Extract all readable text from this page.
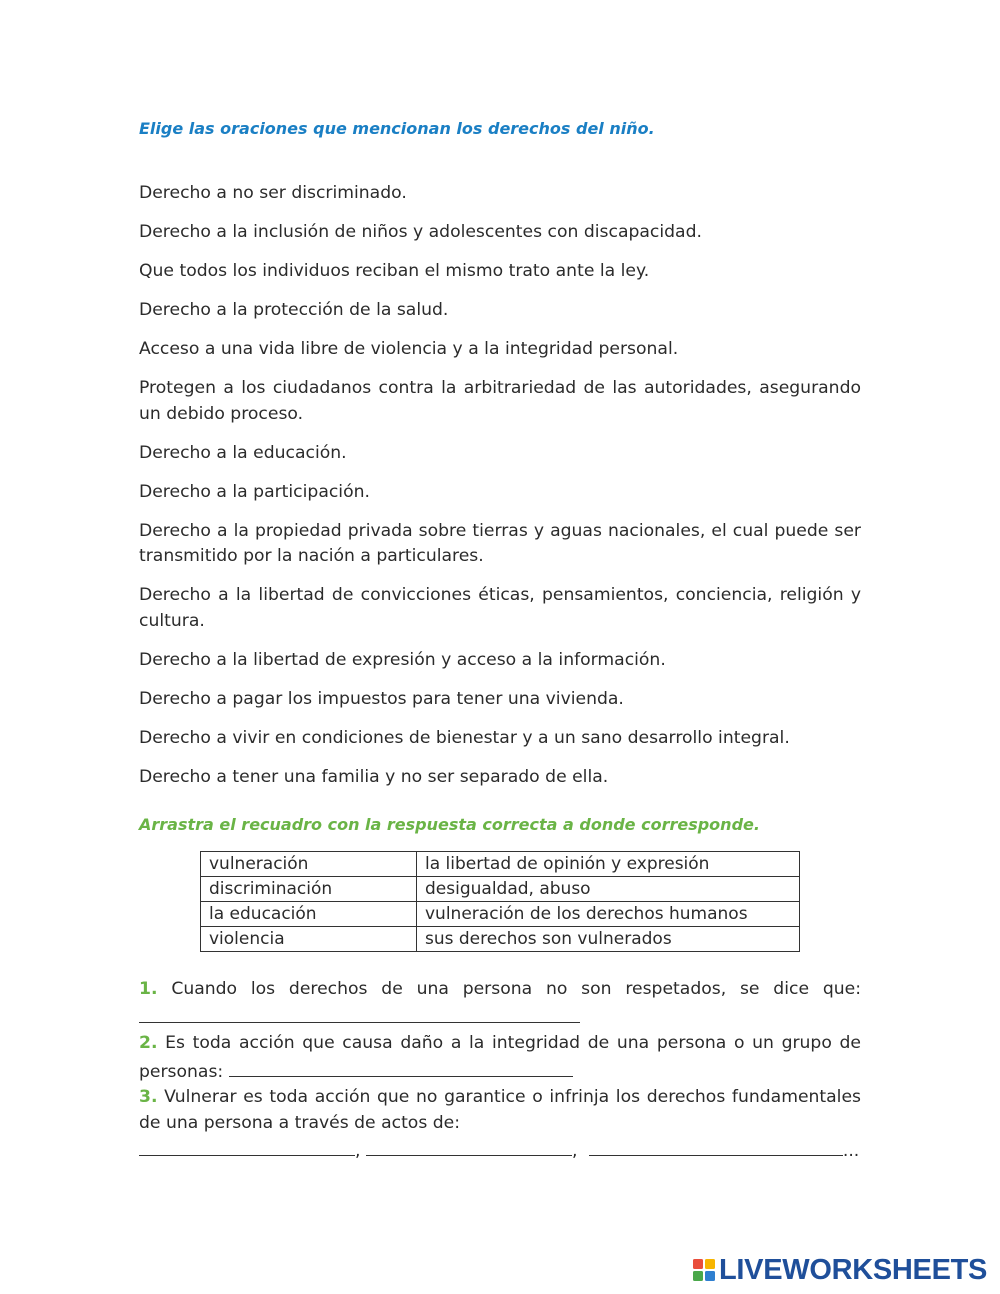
Elige las oraciones que mencionan los derechos del niño.
Derecho a no ser discriminado.
Derecho a la inclusión de niños y adolescentes con discapacidad.
Que todos los individuos reciban el mismo trato ante la ley.
Derecho a la protección de la salud.
Acceso a una vida libre de violencia y a la integridad personal.
Protegen a los ciudadanos contra la arbitrariedad de las autoridades, asegurando un debido proceso.
Derecho a la educación.
Derecho a la participación.
Derecho a la propiedad privada sobre tierras y aguas nacionales, el cual puede ser transmitido por la nación a particulares.
Derecho a la libertad de convicciones éticas, pensamientos, conciencia, religión y cultura.
Derecho a la libertad de expresión y acceso a la información.
Derecho a pagar los impuestos para tener una vivienda.
Derecho a vivir en condiciones de bienestar y a un sano desarrollo integral.
Derecho a tener una familia y no ser separado de ella.
Arrastra el recuadro con la respuesta correcta a donde corresponde.
vulneración	la libertad de opinión y expresión
discriminación	desigualdad, abuso
la educación	vulneración de los derechos humanos
violencia	sus derechos son vulnerados
1. Cuando los derechos de una persona no son respetados, se dice que:
2. Es toda acción que causa daño a la integridad de una persona o un grupo de personas:
3. Vulnerar es toda acción que no garantice o infrinja los derechos fundamentales de una persona a través de actos de:
,	,	...
LIVEWORKSHEETS
